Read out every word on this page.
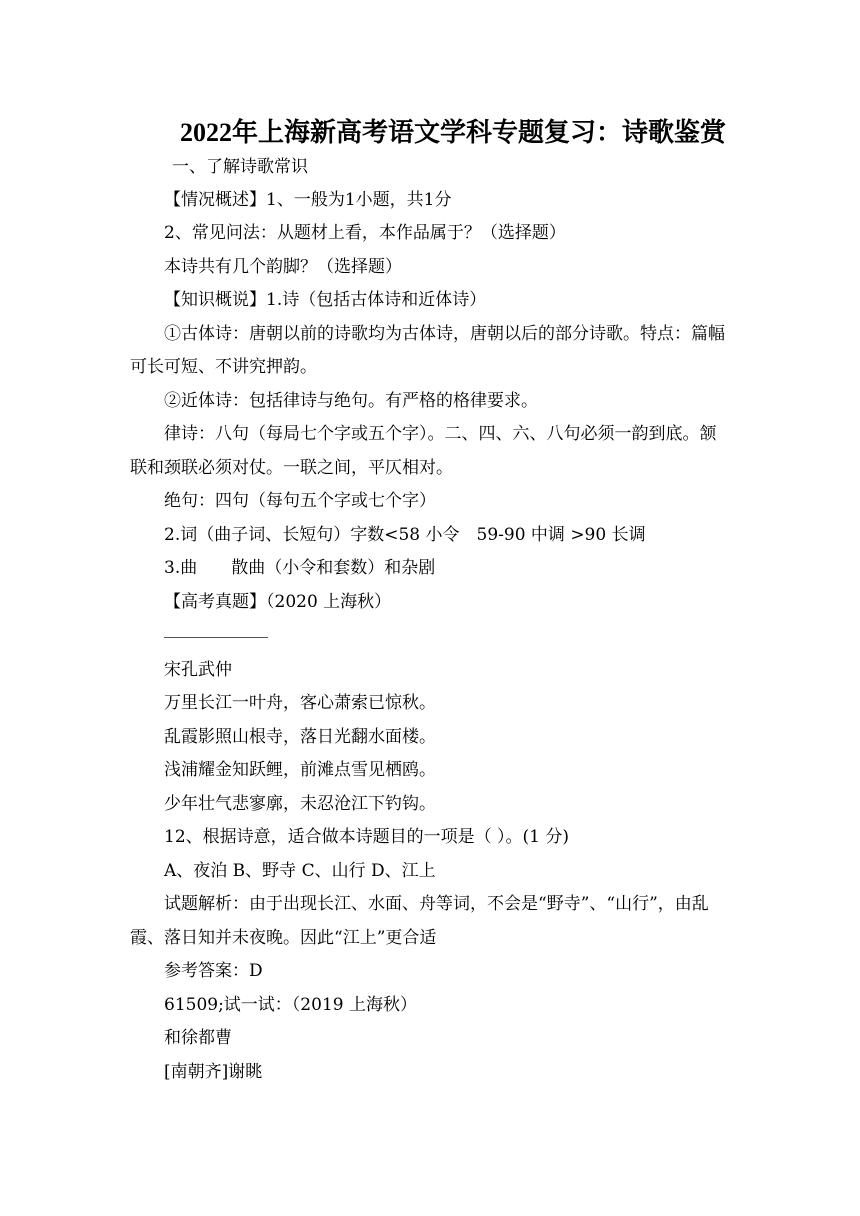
2022年上海新高考语文学科专题复习：诗歌鉴赏
一、了解诗歌常识
【情况概述】1、一般为1小题，共1分
2、常见问法：从题材上看，本作品属于？（选择题）
本诗共有几个韵脚？（选择题）
【知识概说】1.诗（包括古体诗和近体诗）
①古体诗：唐朝以前的诗歌均为古体诗，唐朝以后的部分诗歌。特点：篇幅
可长可短、不讲究押韵。
②近体诗：包括律诗与绝句。有严格的格律要求。
律诗：八句（每局七个字或五个字）。二、四、六、八句必须一韵到底。颔
联和颈联必须对仗。一联之间，平仄相对。
绝句：四句（每句五个字或七个字）
2.词（曲子词、长短句）字数<58 小令　59-90 中调 >90 长调
3.曲　　散曲（小令和套数）和杂剧
【高考真题】（2020 上海秋）
宋孔武仲
万里长江一叶舟，客心萧索已惊秋。
乱霞影照山根寺，落日光翻水面楼。
浅浦耀金知跃鲤，前滩点雪见栖鸥。
少年壮气悲寥廓，未忍沧江下钓钩。
12、根据诗意，适合做本诗题目的一项是（ ）。(1 分)
A、夜泊 B、野寺 C、山行 D、江上
试题解析：由于出现长江、水面、舟等词，不会是“野寺”、“山行”，由乱
霞、落日知并未夜晚。因此“江上”更合适
参考答案：D
61509;试一试：（2019 上海秋）
和徐都曹
[南朝齐]谢眺
